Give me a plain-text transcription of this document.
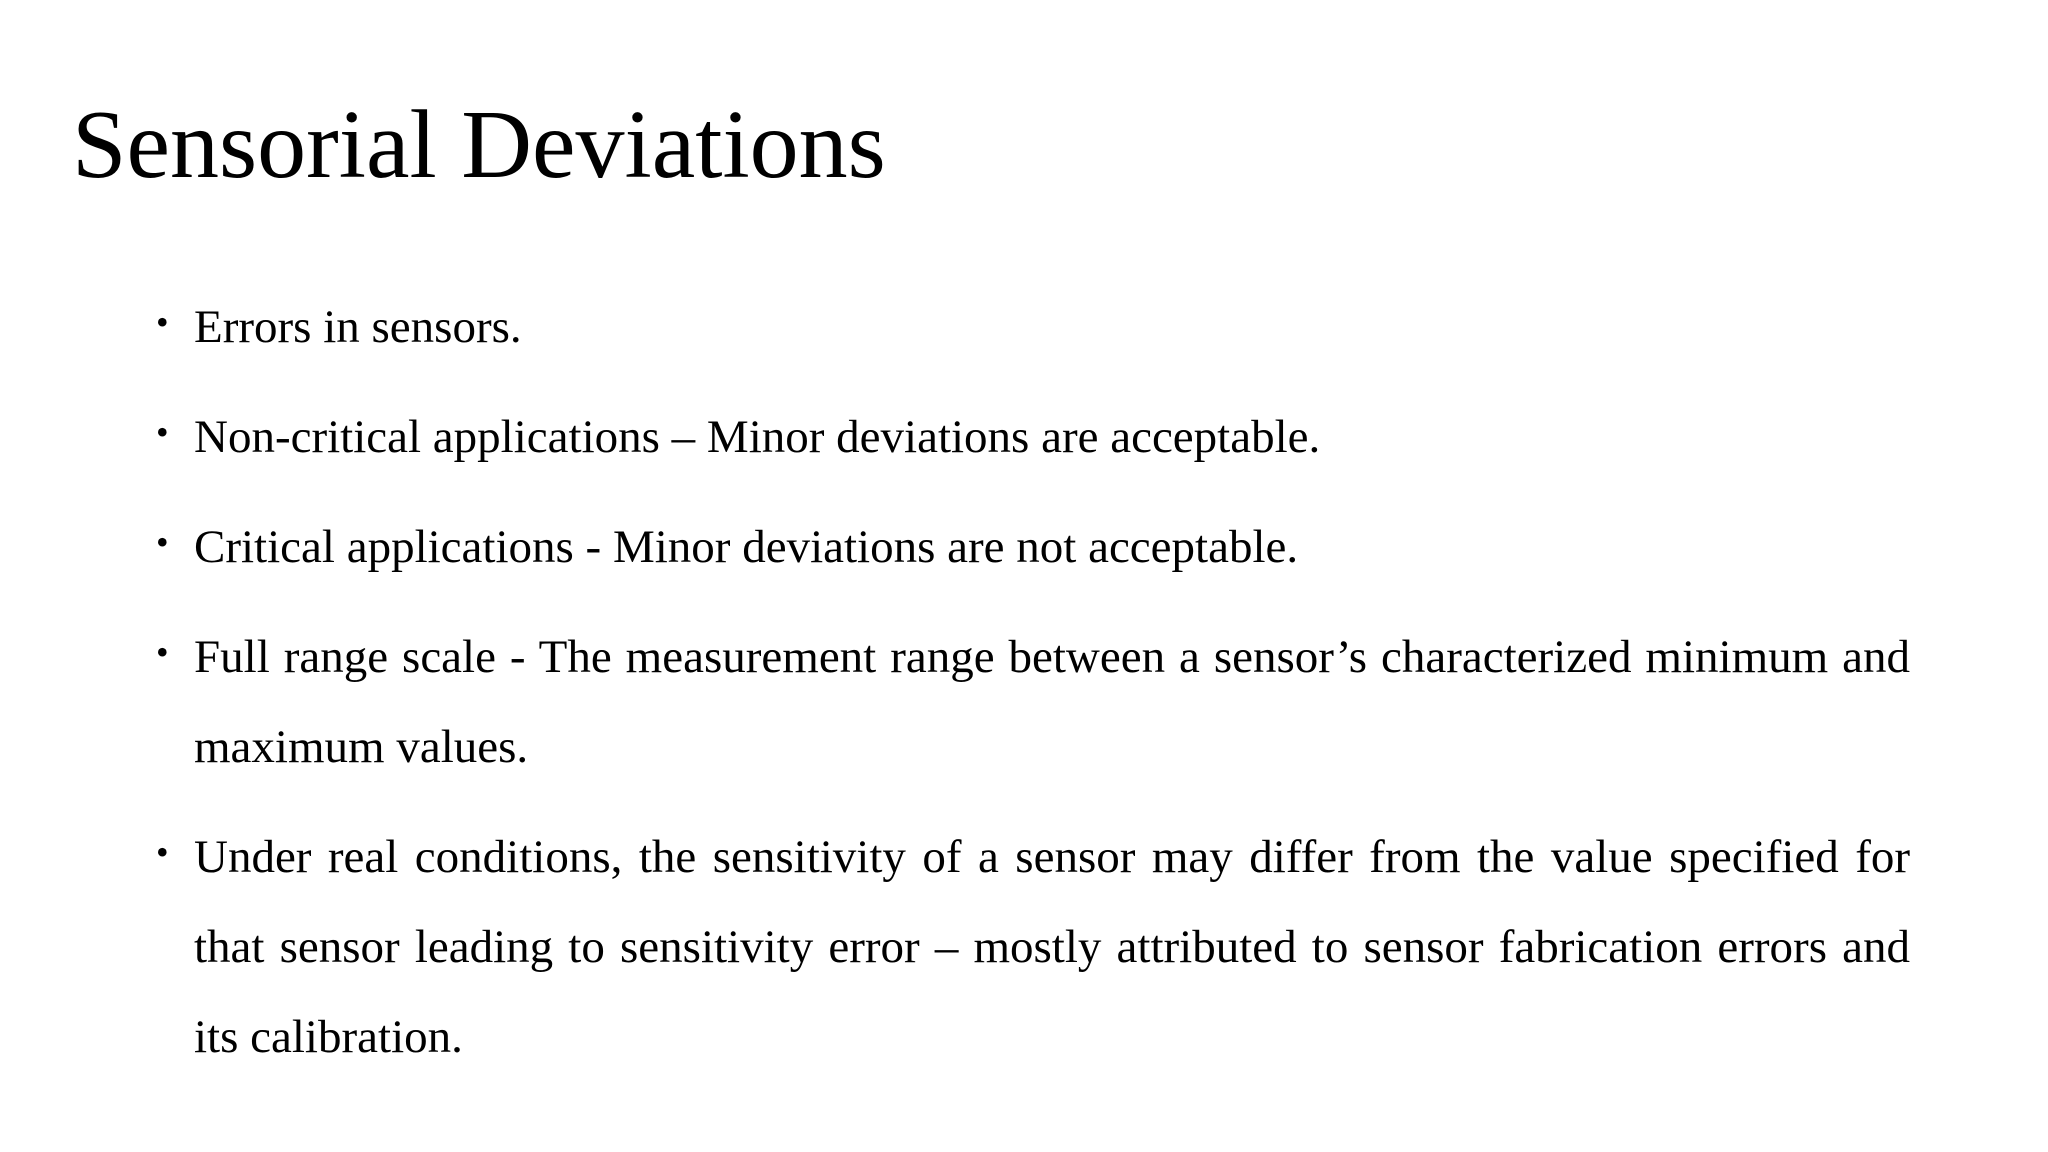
Sensorial Deviations
• Errors in sensors.
• Non-critical applications – Minor deviations are acceptable.
• Critical applications - Minor deviations are not acceptable.
• Full range scale - The measurement range between a sensor’s characterized minimum and maximum values.
• Under real conditions, the sensitivity of a sensor may differ from the value specified for that sensor leading to sensitivity error – mostly attributed to sensor fabrication errors and its calibration.
